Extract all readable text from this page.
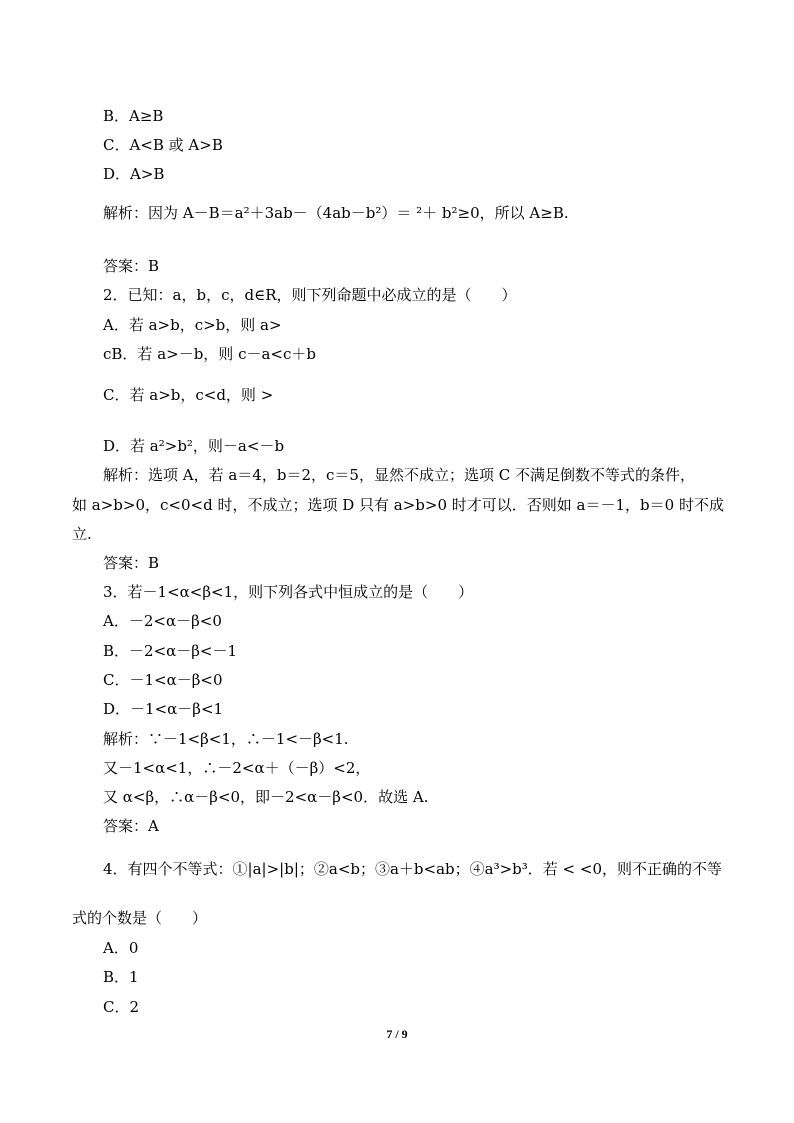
B．A≥B
C．A<B 或 A>B
D．A>B
解析：因为 A－B＝a²＋3ab－（4ab－b²）＝ ²＋ b²≥0，所以 A≥B.
答案：B
2．已知：a，b，c，d∈R，则下列命题中必成立的是（　　）
A．若 a>b，c>b，则 a>
cB．若 a>－b，则 c－a<c＋b
C．若 a>b，c<d，则 >
D．若 a²>b²，则－a<－b
解析：选项 A，若 a＝4，b＝2，c＝5，显然不成立；选项 C 不满足倒数不等式的条件，
如 a>b>0，c<0<d 时，不成立；选项 D 只有 a>b>0 时才可以．否则如 a＝－1，b＝0 时不成
立.
答案：B
3．若－1<α<β<1，则下列各式中恒成立的是（　　）
A．－2<α－β<0
B．－2<α－β<－1
C．－1<α－β<0
D．－1<α－β<1
解析：∵－1<β<1，∴－1<－β<1.
又－1<α<1，∴－2<α＋（－β）<2，
又 α<β，∴α－β<0，即－2<α－β<0．故选 A.
答案：A
4．有四个不等式：①|a|>|b|；②a<b；③a＋b<ab；④a³>b³．若 < <0，则不正确的不等
式的个数是（　　）
A．0
B．1
C．2
7 / 9
